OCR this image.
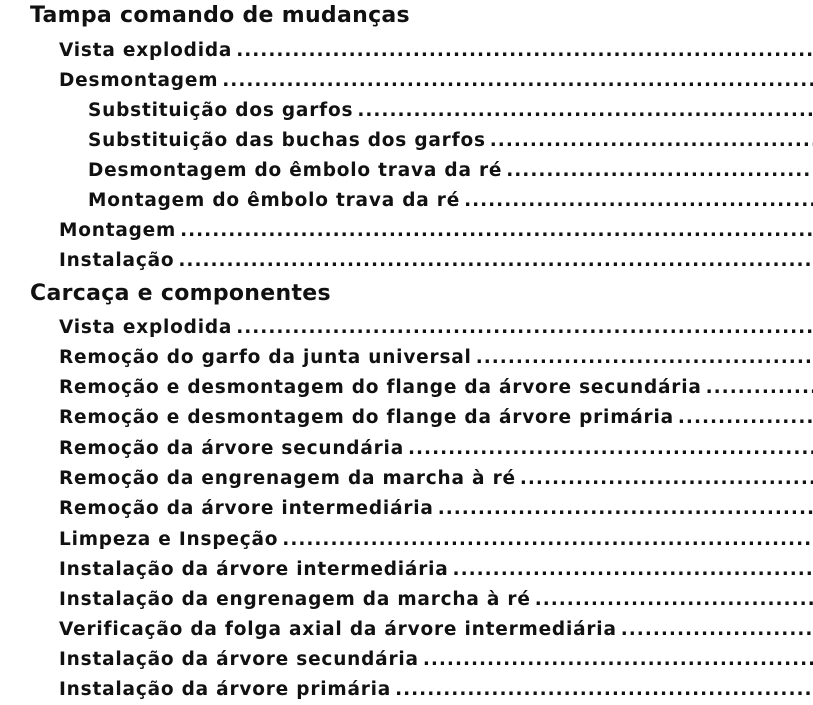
Tampa comando de mudanças
Vista explodida
.....
Desmontagem
.....
Substituição dos garfos
.....
Substituição das buchas dos garfos
.....
Desmontagem do êmbolo trava da ré
.....
Montagem do êmbolo trava da ré
.....
Montagem
.....
Instalação
.....
Carcaça e componentes
Vista explodida
.....
Remoção do garfo da junta universal
.....
Remoção e desmontagem do flange da árvore secundária
.....
Remoção e desmontagem do flange da árvore primária
.....
Remoção da árvore secundária
.....
Remoção da engrenagem da marcha à ré
.....
Remoção da árvore intermediária
.....
Limpeza e Inspeção
.....
Instalação da árvore intermediária
.....
Instalação da engrenagem da marcha à ré
.....
Verificação da folga axial da árvore intermediária
.....
Instalação da árvore secundária
.....
Instalação da árvore primária
.....
